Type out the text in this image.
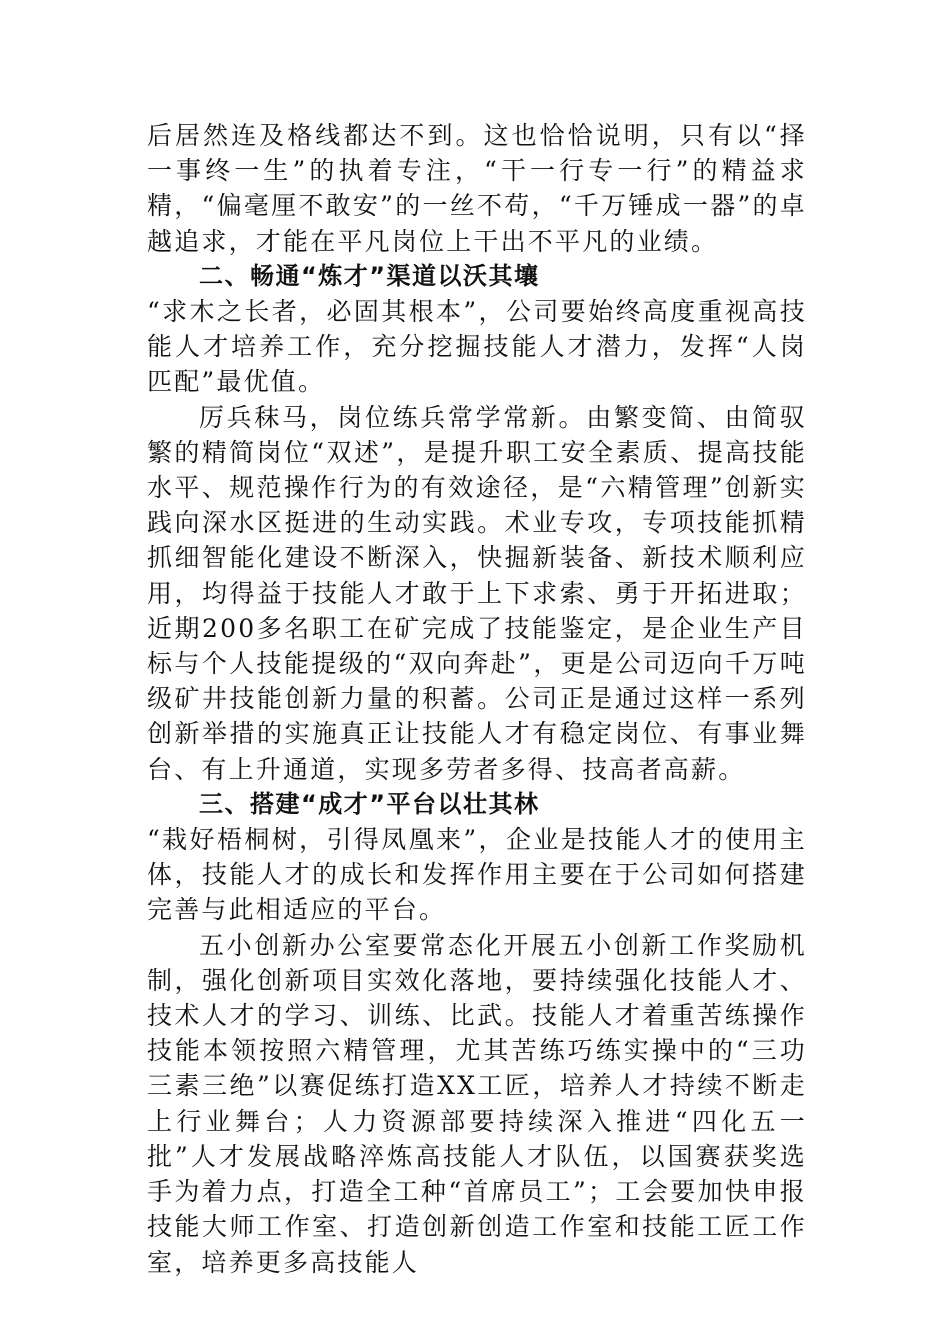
后居然连及格线都达不到。这也恰恰说明，只有以“择一事终一生”的执着专注，“干一行专一行”的精益求精，“偏毫厘不敢安”的一丝不苟，“千万锤成一器”的卓越追求，才能在平凡岗位上干出不平凡的业绩。

二、畅通“炼才”渠道以沃其壤

“求木之长者，必固其根本”，公司要始终高度重视高技能人才培养工作，充分挖掘技能人才潜力，发挥“人岗匹配”最优值。

厉兵秣马，岗位练兵常学常新。由繁变简、由简驭繁的精简岗位“双述”，是提升职工安全素质、提高技能水平、规范操作行为的有效途径，是“六精管理”创新实践向深水区挺进的生动实践。术业专攻，专项技能抓精抓细智能化建设不断深入，快掘新装备、新技术顺利应用，均得益于技能人才敢于上下求索、勇于开拓进取；近期200多名职工在矿完成了技能鉴定，是企业生产目标与个人技能提级的“双向奔赴”，更是公司迈向千万吨级矿井技能创新力量的积蓄。公司正是通过这样一系列创新举措的实施真正让技能人才有稳定岗位、有事业舞台、有上升通道，实现多劳者多得、技高者高薪。

三、搭建“成才”平台以壮其林

“栽好梧桐树，引得凤凰来”，企业是技能人才的使用主体，技能人才的成长和发挥作用主要在于公司如何搭建完善与此相适应的平台。

五小创新办公室要常态化开展五小创新工作奖励机制，强化创新项目实效化落地，要持续强化技能人才、技术人才的学习、训练、比武。技能人才着重苦练操作技能本领按照六精管理，尤其苦练巧练实操中的“三功三素三绝”以赛促练打造XX工匠，培养人才持续不断走上行业舞台；人力资源部要持续深入推进“四化五一批”人才发展战略淬炼高技能人才队伍，以国赛获奖选手为着力点，打造全工种“首席员工”；工会要加快申报技能大师工作室、打造创新创造工作室和技能工匠工作室，培养更多高技能人
